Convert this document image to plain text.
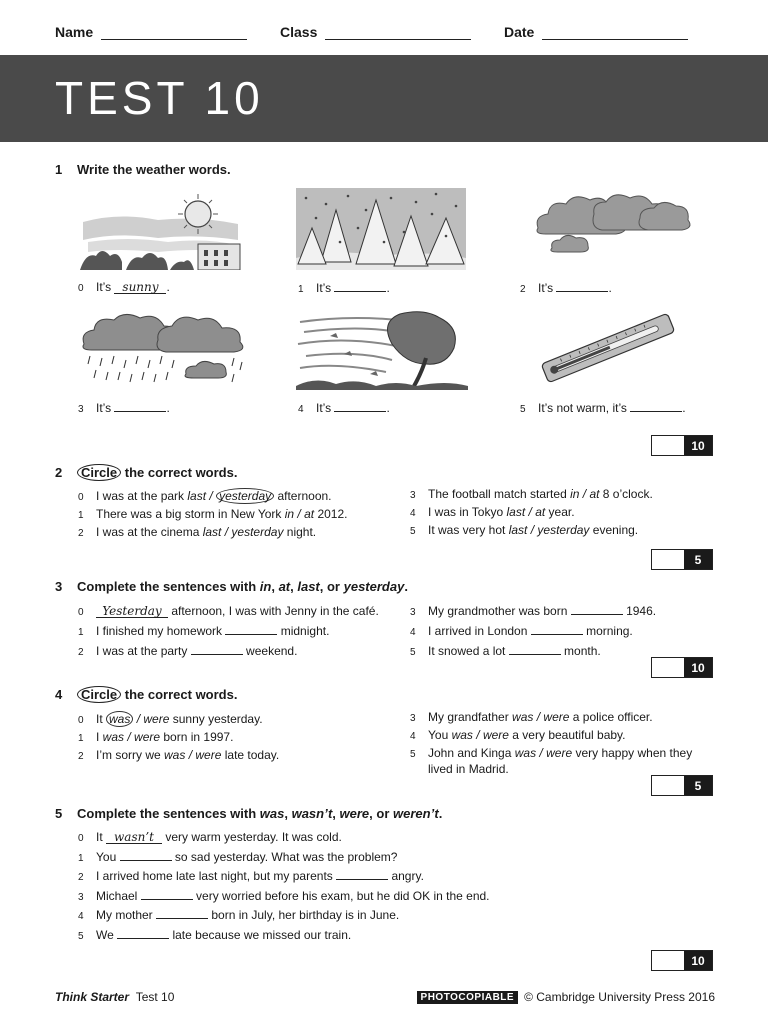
Name	Class	Date
TEST 10
1 Write the weather words.
0 It’s sunny .	1 It’s	.	2 It’s	.
3 It’s	.	4 It’s	.	5 It’s not warm, it’s	.
10
2 Circle the correct words.
0 I was at the park last / yesterday afternoon.
1 There was a big storm in New York in / at 2012.
2 I was at the cinema last / yesterday night.
3 The football match started in / at 8 o’clock.
4 I was in Tokyo last / at year.
5 It was very hot last / yesterday evening.
5
3 Complete the sentences with in, at, last, or yesterday.
0 Yesterday afternoon, I was with Jenny in the café.
1 I finished my homework	midnight.
2 I was at the party	weekend.
3 My grandmother was born	1946.
4 I arrived in London	morning.
5 It snowed a lot	month.
10
4 Circle the correct words.
0 It was / were sunny yesterday.
1 I was / were born in 1997.
2 I’m sorry we was / were late today.
3 My grandfather was / were a police officer.
4 You was / were a very beautiful baby.
5 John and Kinga was / were very happy when they
lived in Madrid.
5
5 Complete the sentences with was, wasn’t, were, or weren’t.
0 It wasn’t very warm yesterday. It was cold.
1 You	so sad yesterday. What was the problem?
2 I arrived home late last night, but my parents	angry.
3 Michael	very worried before his exam, but he did OK in the end.
4 My mother	born in July, her birthday is in June.
5 We	late because we missed our train.
10
Think Starter Test 10	PHOTOCOPIABLE © Cambridge University Press 2016
